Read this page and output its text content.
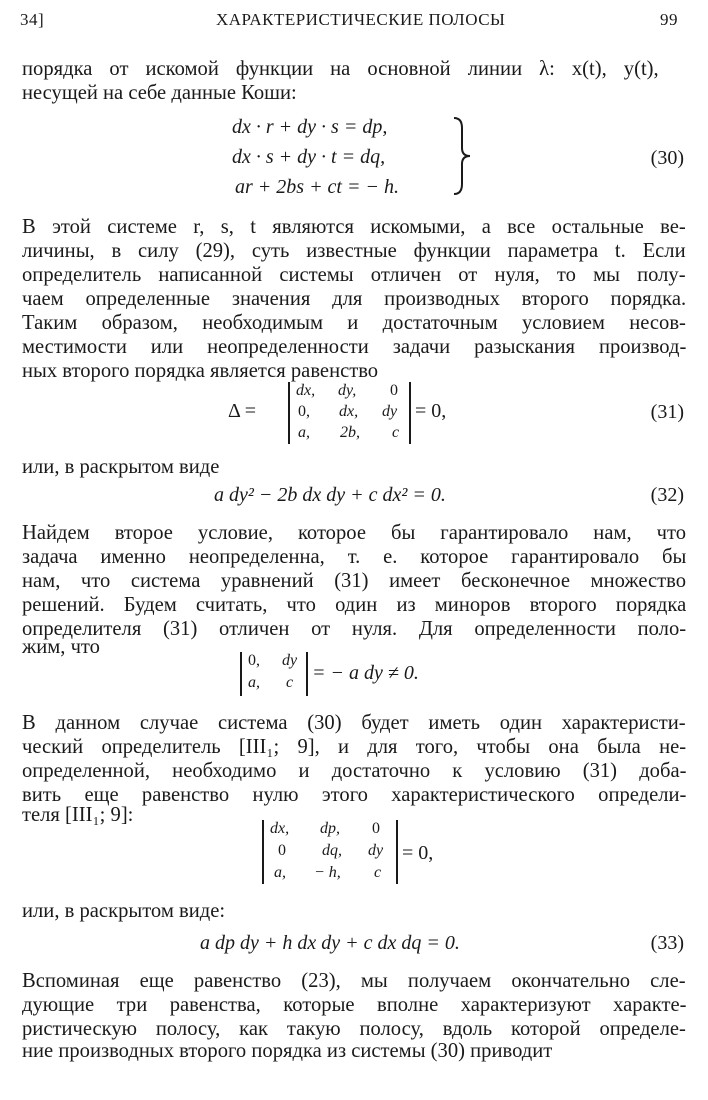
34]	ХАРАКТЕРИСТИЧЕСКИЕ ПОЛОСЫ	99
порядка от искомой функции на основной линии λ: x(t), y(t),
несущей на себе данные Коши:
dx · r + dy · s = dp,
dx · s + dy · t = dq,
ar + 2bs + ct = − h.
(30)
В этой системе r, s, t являются искомыми, а все остальные ве-
личины, в силу (29), суть известные функции параметра t. Если
определитель написанной системы отличен от нуля, то мы полу-
чаем определенные значения для производных второго порядка.
Таким образом, необходимым и достаточным условием несов-
местимости или неопределенности задачи разыскания производ-
ных второго порядка является равенство
Δ =
dx, dy, 0
0, dx, dy
a, 2b, c
= 0,	(31)
или, в раскрытом виде
a dy² − 2b dx dy + c dx² = 0.	(32)
Найдем второе условие, которое бы гарантировало нам, что
задача именно неопределенна, т. е. которое гарантировало бы
нам, что система уравнений (31) имеет бесконечное множество
решений. Будем считать, что один из миноров второго порядка
определителя (31) отличен от нуля. Для определенности поло-
жим, что
0, dy
a, c = − a dy ≠ 0.
В данном случае система (30) будет иметь один характеристи-
ческий определитель [III₁; 9], и для того, чтобы она была не-
определенной, необходимо и достаточно к условию (31) доба-
вить еще равенство нулю этого характеристического определи-
теля [III₁; 9]:
dx, dp, 0
0 dq, dy
a, − h, c
= 0,
или, в раскрытом виде:
a dp dy + h dx dy + c dx dq = 0.	(33)
Вспоминая еще равенство (23), мы получаем окончательно сле-
дующие три равенства, которые вполне характеризуют характе-
ристическую полосу, как такую полосу, вдоль которой определе-
ние производных второго порядка из системы (30) приводит
